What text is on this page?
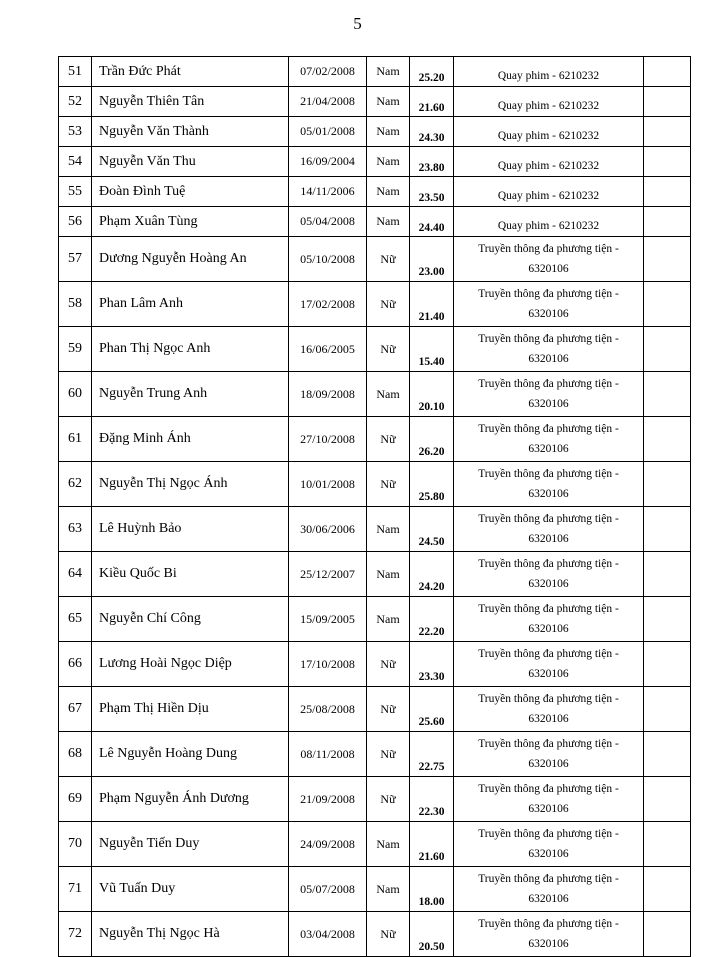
5
51	Trần Đức Phát	07/02/2008	Nam	25.20	Quay phim - 6210232	
52	Nguyễn Thiên Tân	21/04/2008	Nam	21.60	Quay phim - 6210232	
53	Nguyễn Văn Thành	05/01/2008	Nam	24.30	Quay phim - 6210232	
54	Nguyễn Văn Thu	16/09/2004	Nam	23.80	Quay phim - 6210232	
55	Đoàn Đình Tuệ	14/11/2006	Nam	23.50	Quay phim - 6210232	
56	Phạm Xuân Tùng	05/04/2008	Nam	24.40	Quay phim - 6210232	
57	Dương Nguyễn Hoàng An	05/10/2008	Nữ	23.00	Truyền thông đa phương tiện -
6320106	

58	Phan Lâm Anh	17/02/2008	Nữ	21.40	Truyền thông đa phương tiện -
6320106	

59	Phan Thị Ngọc Anh	16/06/2005	Nữ	15.40	Truyền thông đa phương tiện -
6320106	

60	Nguyễn Trung Anh	18/09/2008	Nam	20.10	Truyền thông đa phương tiện -
6320106	

61	Đặng Minh Ánh	27/10/2008	Nữ	26.20	Truyền thông đa phương tiện -
6320106	

62	Nguyễn Thị Ngọc Ánh	10/01/2008	Nữ	25.80	Truyền thông đa phương tiện -
6320106	

63	Lê Huỳnh Bảo	30/06/2006	Nam	24.50	Truyền thông đa phương tiện -
6320106	

64	Kiều Quốc Bi	25/12/2007	Nam	24.20	Truyền thông đa phương tiện -
6320106	

65	Nguyễn Chí Công	15/09/2005	Nam	22.20	Truyền thông đa phương tiện -
6320106	

66	Lương Hoài Ngọc Diệp	17/10/2008	Nữ	23.30	Truyền thông đa phương tiện -
6320106	

67	Phạm Thị Hiền Dịu	25/08/2008	Nữ	25.60	Truyền thông đa phương tiện -
6320106	

68	Lê Nguyễn Hoàng Dung	08/11/2008	Nữ	22.75	Truyền thông đa phương tiện -
6320106	

69	Phạm Nguyễn Ánh Dương	21/09/2008	Nữ	22.30	Truyền thông đa phương tiện -
6320106	

70	Nguyễn Tiến Duy	24/09/2008	Nam	21.60	Truyền thông đa phương tiện -
6320106	

71	Vũ Tuấn Duy	05/07/2008	Nam	18.00	Truyền thông đa phương tiện -
6320106	

72	Nguyễn Thị Ngọc Hà	03/04/2008	Nữ	20.50	Truyền thông đa phương tiện -
6320106	
